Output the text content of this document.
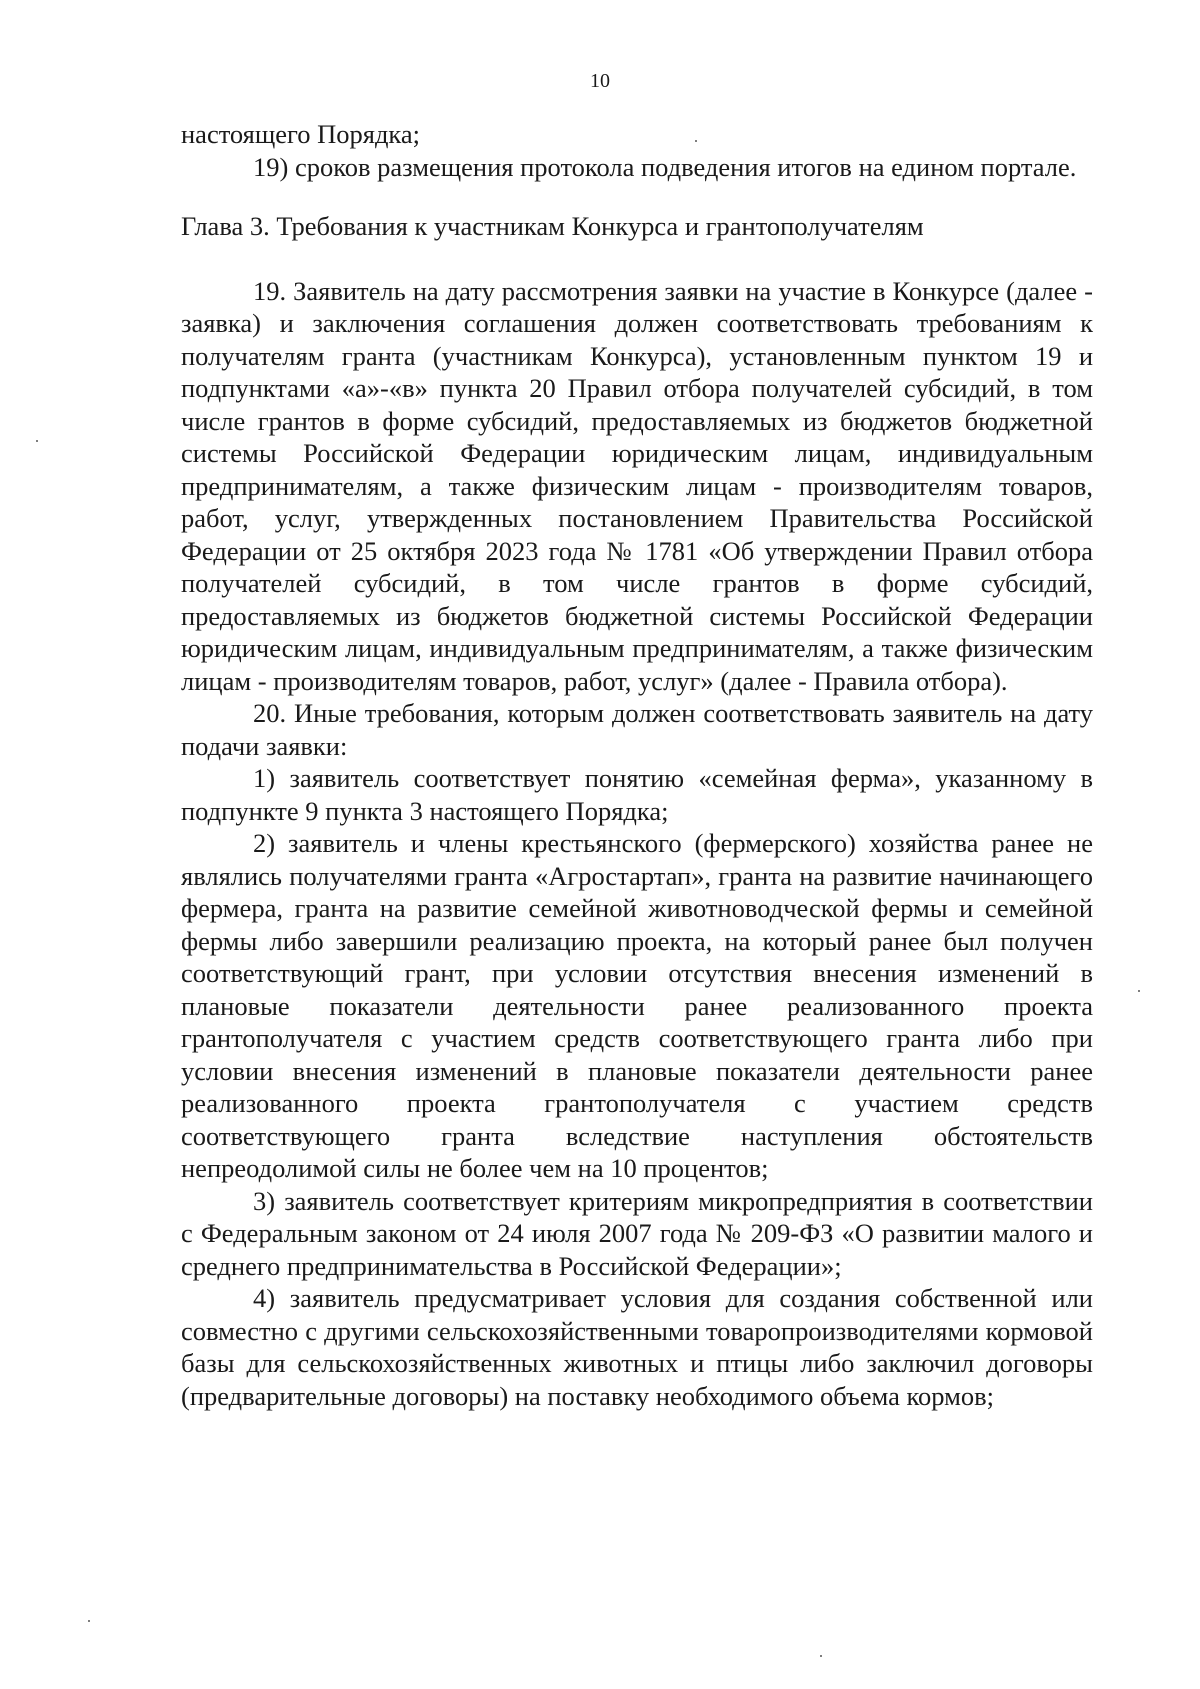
10

настоящего Порядка;

19) сроков размещения протокола подведения итогов на едином портале.

Глава 3. Требования к участникам Конкурса и грантополучателям

19. Заявитель на дату рассмотрения заявки на участие в Конкурсе (далее - заявка) и заключения соглашения должен соответствовать требованиям к получателям гранта (участникам Конкурса), установленным пунктом 19 и подпунктами «а»-«в» пункта 20 Правил отбора получателей субсидий, в том числе грантов в форме субсидий, предоставляемых из бюджетов бюджетной системы Российской Федерации юридическим лицам, индивидуальным предпринимателям, а также физическим лицам - производителям товаров, работ, услуг, утвержденных постановлением Правительства Российской Федерации от 25 октября 2023 года № 1781 «Об утверждении Правил отбора получателей субсидий, в том числе грантов в форме субсидий, предоставляемых из бюджетов бюджетной системы Российской Федерации юридическим лицам, индивидуальным предпринимателям, а также физическим лицам - производителям товаров, работ, услуг» (далее - Правила отбора).

20. Иные требования, которым должен соответствовать заявитель на дату подачи заявки:

1) заявитель соответствует понятию «семейная ферма», указанному в подпункте 9 пункта 3 настоящего Порядка;

2) заявитель и члены крестьянского (фермерского) хозяйства ранее не являлись получателями гранта «Агростартап», гранта на развитие начинающего фермера, гранта на развитие семейной животноводческой фермы и семейной фермы либо завершили реализацию проекта, на который ранее был получен соответствующий грант, при условии отсутствия внесения изменений в плановые показатели деятельности ранее реализованного проекта грантополучателя с участием средств соответствующего гранта либо при условии внесения изменений в плановые показатели деятельности ранее реализованного проекта грантополучателя с участием средств соответствующего гранта вследствие наступления обстоятельств непреодолимой силы не более чем на 10 процентов;

3) заявитель соответствует критериям микропредприятия в соответствии с Федеральным законом от 24 июля 2007 года № 209-ФЗ «О развитии малого и среднего предпринимательства в Российской Федерации»;

4) заявитель предусматривает условия для создания собственной или совместно с другими сельскохозяйственными товаропроизводителями кормовой базы для сельскохозяйственных животных и птицы либо заключил договоры (предварительные договоры) на поставку необходимого объема кормов;
